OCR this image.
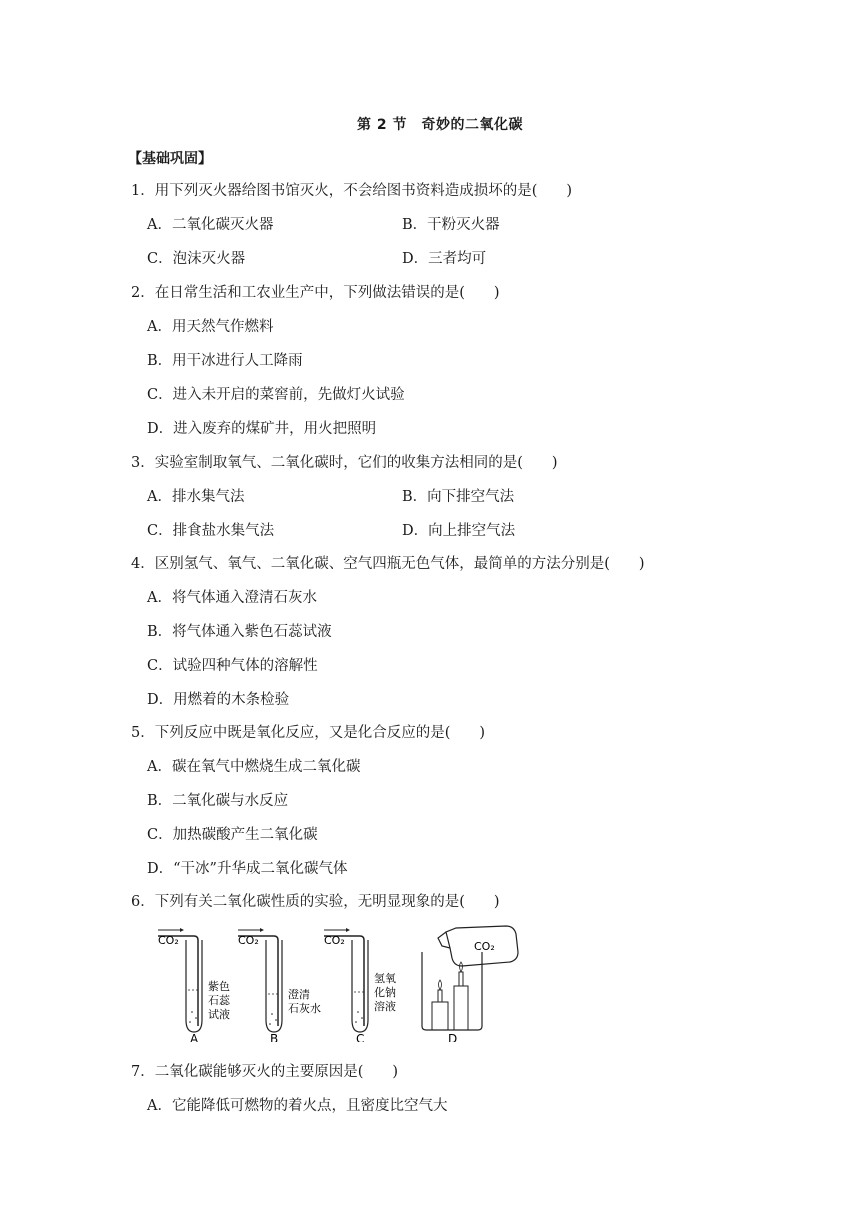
第 2 节　奇妙的二氧化碳
【基础巩固】
1．用下列灭火器给图书馆灭火，不会给图书资料造成损坏的是(　　)
A．二氧化碳灭火器	B．干粉灭火器
C．泡沫灭火器	D．三者均可
2．在日常生活和工农业生产中，下列做法错误的是(　　)
A．用天然气作燃料
B．用干冰进行人工降雨
C．进入未开启的菜窖前，先做灯火试验
D．进入废弃的煤矿井，用火把照明
3．实验室制取氧气、二氧化碳时，它们的收集方法相同的是(　　)
A．排水集气法	B．向下排空气法
C．排食盐水集气法	D．向上排空气法
4．区别氢气、氧气、二氧化碳、空气四瓶无色气体，最简单的方法分别是(　　)
A．将气体通入澄清石灰水
B．将气体通入紫色石蕊试液
C．试验四种气体的溶解性
D．用燃着的木条检验
5．下列反应中既是氧化反应，又是化合反应的是(　　)
A．碳在氧气中燃烧生成二氧化碳
B．二氧化碳与水反应
C．加热碳酸产生二氧化碳
D．“干冰”升华成二氧化碳气体
6．下列有关二氧化碳性质的实验，无明显现象的是(　　)
CO₂	CO₂	CO₂	CO₂
紫色
石蕊
试液
澄清
石灰水
氢氧
化钠
溶液
A	B	C	D
7．二氧化碳能够灭火的主要原因是(　　)
A．它能降低可燃物的着火点，且密度比空气大
